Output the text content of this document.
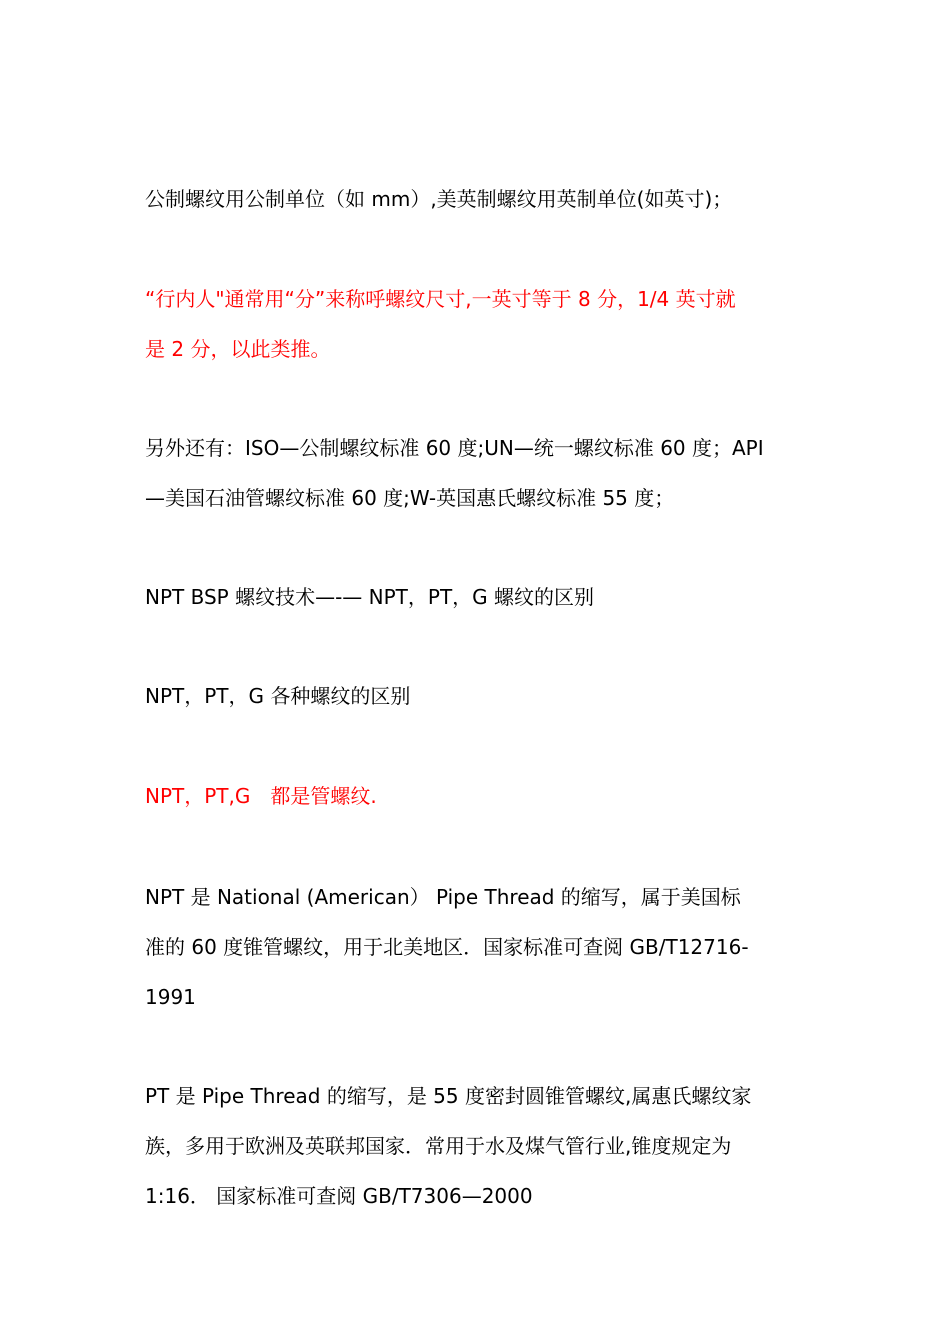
公制螺纹用公制单位（如 mm）,美英制螺纹用英制单位(如英寸)；

“行内人"通常用“分”来称呼螺纹尺寸,一英寸等于 8 分，1/4 英寸就
是 2 分，以此类推。

另外还有：ISO—公制螺纹标准 60 度;UN—统一螺纹标准 60 度；API
—美国石油管螺纹标准 60 度;W-英国惠氏螺纹标准 55 度；

NPT BSP 螺纹技术—-— NPT，PT，G 螺纹的区别

NPT，PT，G 各种螺纹的区别

NPT，PT,G　都是管螺纹.

NPT 是 National (American） Pipe Thread 的缩写，属于美国标
准的 60 度锥管螺纹，用于北美地区．国家标准可查阅 GB/T12716-
1991

PT 是 Pipe Thread 的缩写，是 55 度密封圆锥管螺纹,属惠氏螺纹家
族，多用于欧洲及英联邦国家．常用于水及煤气管行业,锥度规定为
1:16． 国家标准可查阅 GB/T7306—2000
